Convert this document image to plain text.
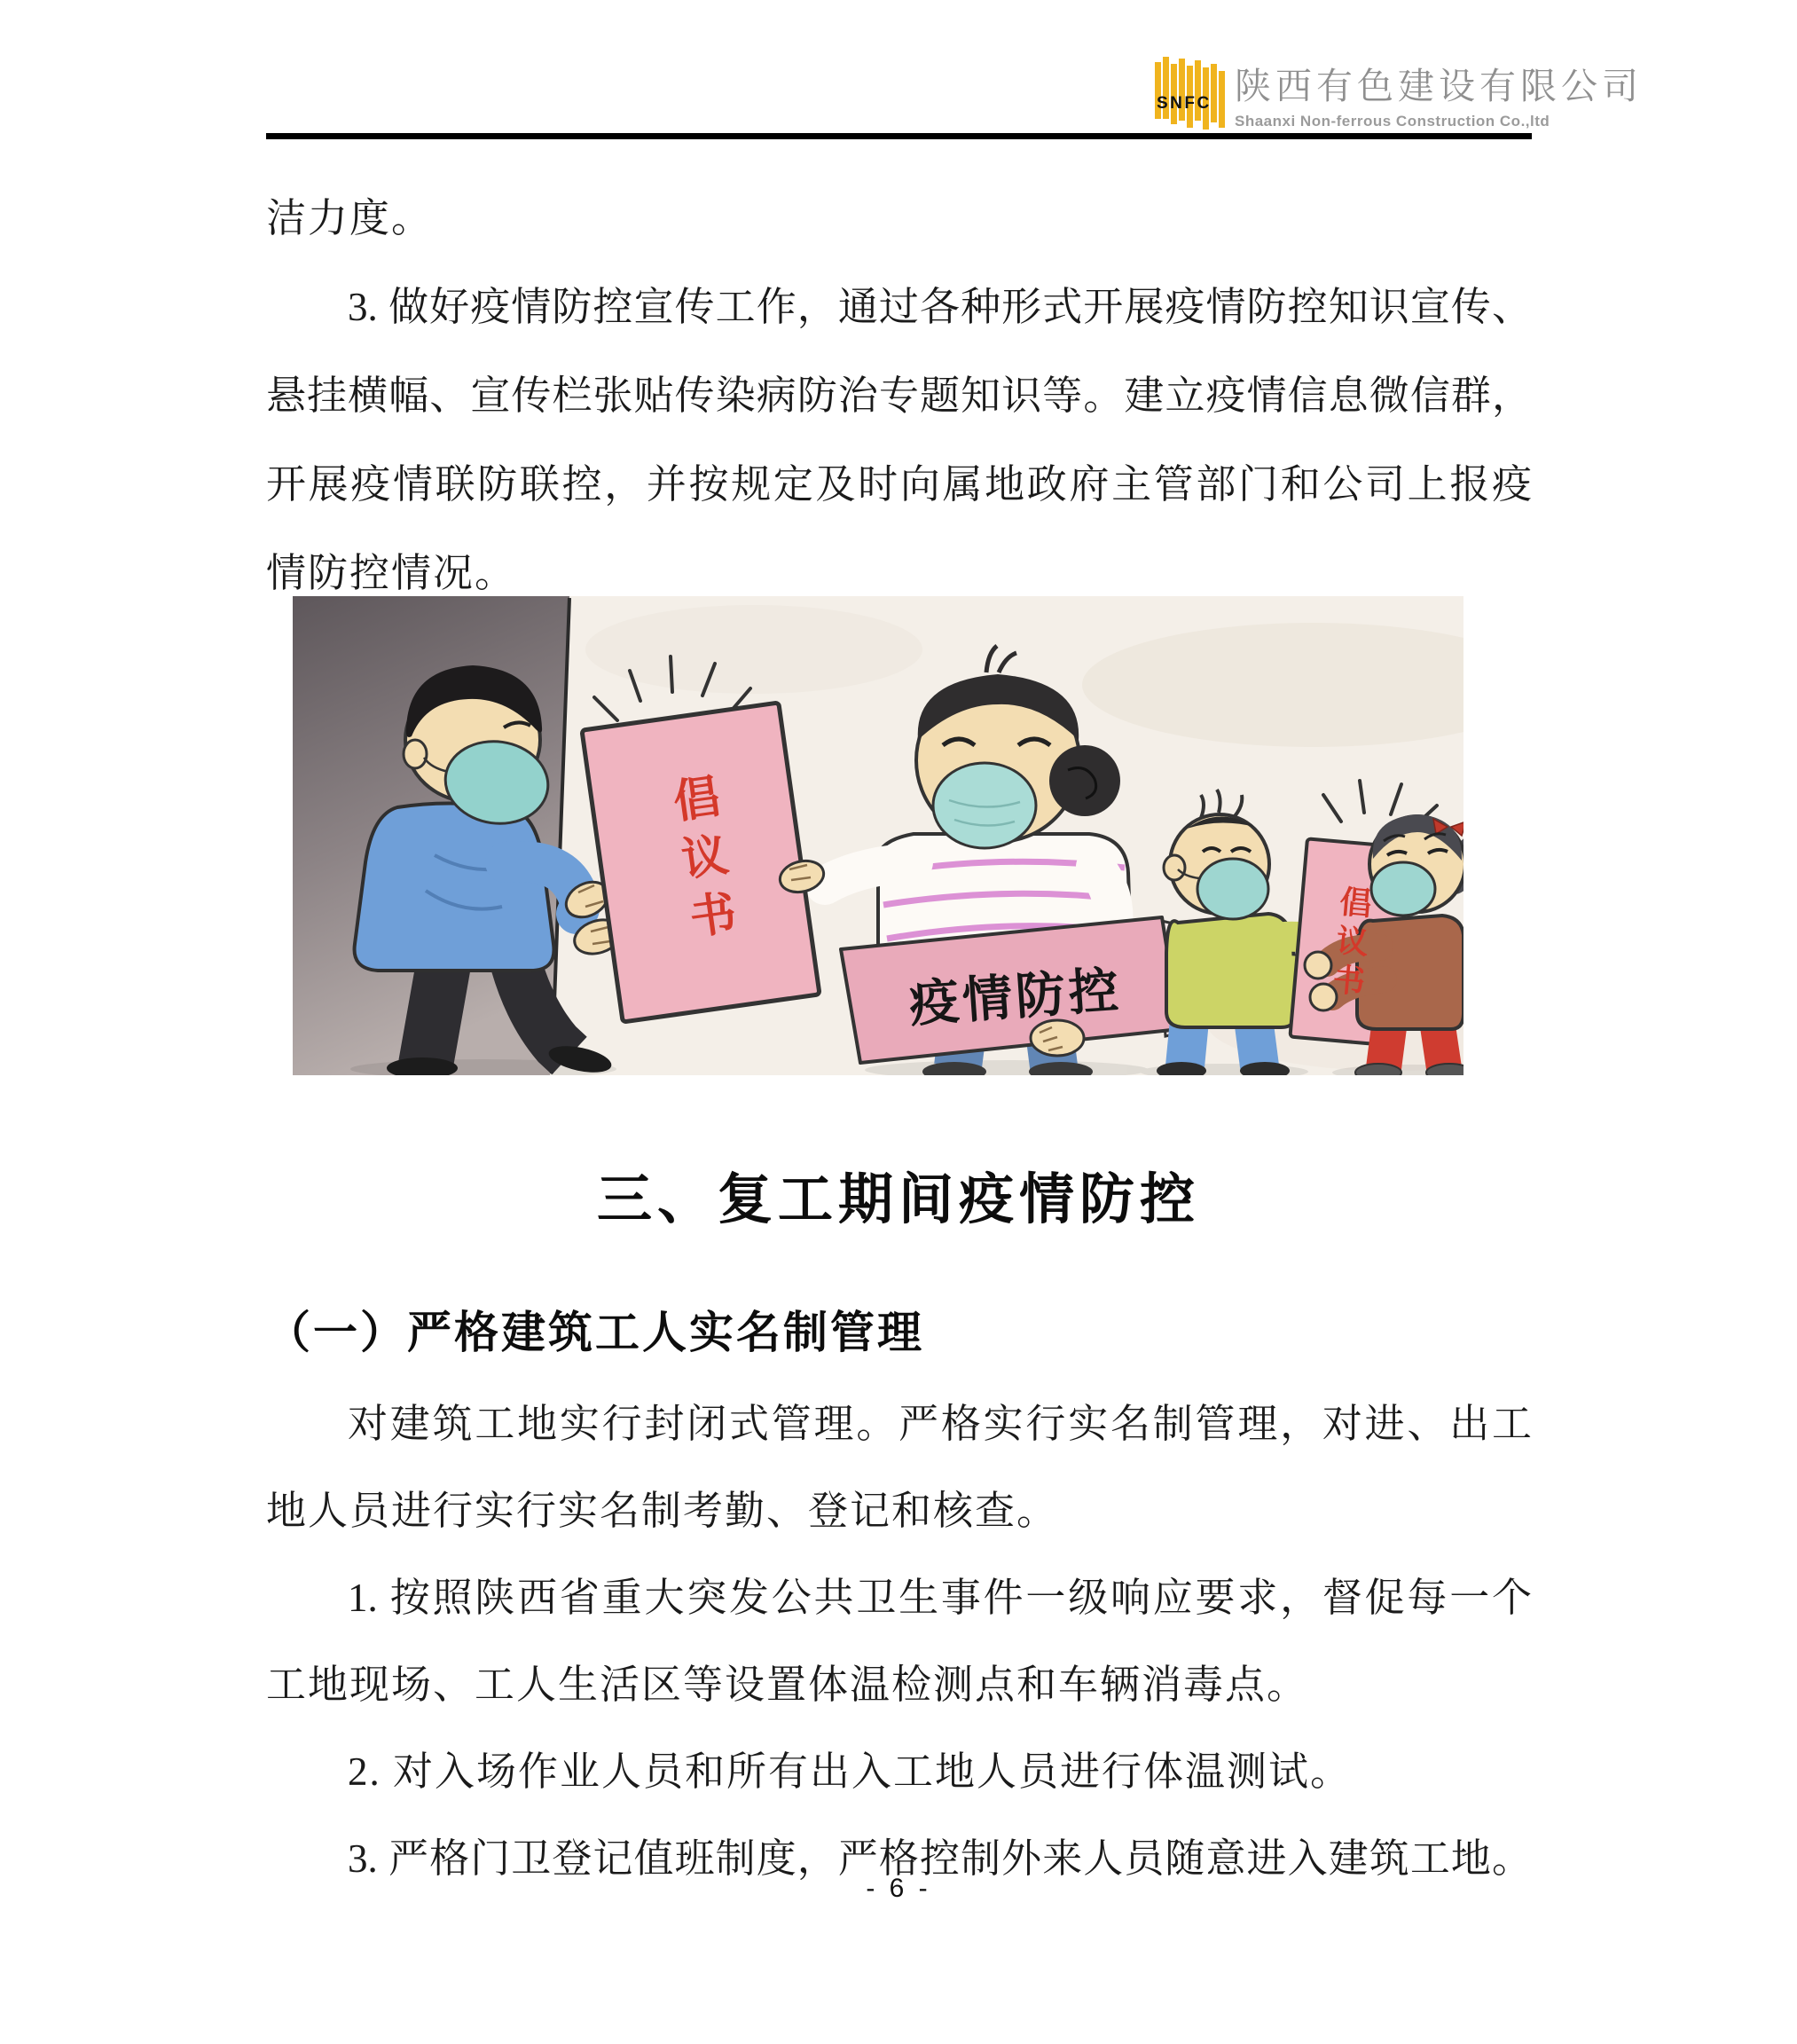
SNFC 陕西有色建设有限公司
Shaanxi Non-ferrous Construction Co.,ltd
洁力度。
3. 做好疫情防控宣传工作，通过各种形式开展疫情防控知识宣传、
悬挂横幅、宣传栏张贴传染病防治专题知识等。建立疫情信息微信群，
开展疫情联防联控，并按规定及时向属地政府主管部门和公司上报疫
情防控情况。
倡议书
疫情防控	倡议书
三、复工期间疫情防控
（一）严格建筑工人实名制管理
对建筑工地实行封闭式管理。严格实行实名制管理，对进、出工
地人员进行实行实名制考勤、登记和核查。
1. 按照陕西省重大突发公共卫生事件一级响应要求，督促每一个
工地现场、工人生活区等设置体温检测点和车辆消毒点。
2. 对入场作业人员和所有出入工地人员进行体温测试。
3. 严格门卫登记值班制度，严格控制外来人员随意进入建筑工地。
- 6 -
